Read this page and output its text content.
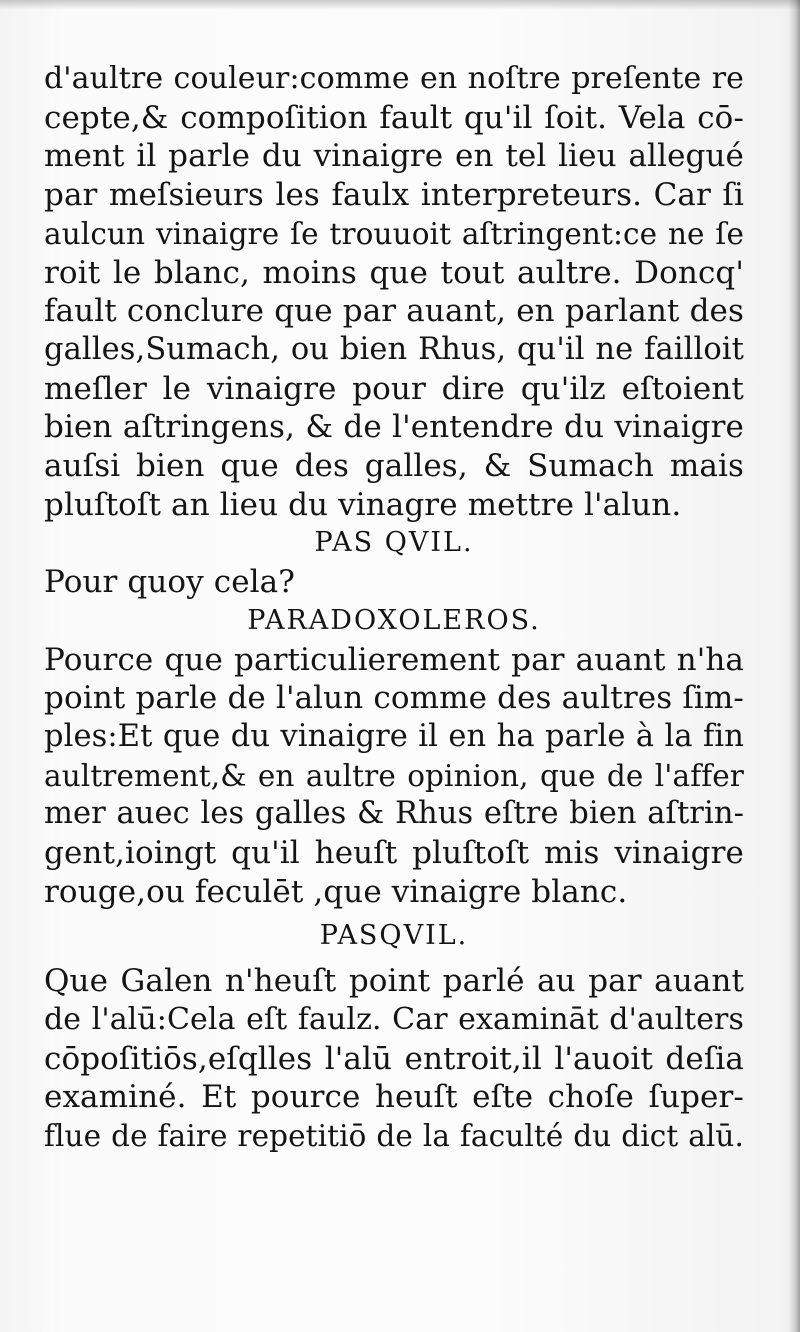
d'aultre couleur:comme en noſtre preſente re
cepte,& compoſition fault qu'il ſoit. Vela cō-
ment il parle du vinaigre en tel lieu allegué
par meſsieurs les faulx interpreteurs. Car ſi
aulcun vinaigre ſe trouuoit aſtringent:ce ne ſe
roit le blanc, moins que tout aultre. Doncq'
fault conclure que par auant, en parlant des
galles,Sumach, ou bien Rhus, qu'il ne failloit
meſler le vinaigre pour dire qu'ilz eſtoient
bien aſtringens, & de l'entendre du vinaigre
auſsi bien que des galles, & Sumach mais
pluſtoſt an lieu du vinagre mettre l'alun.
PAS QVIL.
Pour quoy cela?
PARADOXOLEROS.
Pource que particulierement par auant n'ha
point parle de l'alun comme des aultres ſim-
ples:Et que du vinaigre il en ha parle à la fin
aultrement,& en aultre opinion, que de l'affer
mer auec les galles & Rhus eſtre bien aſtrin-
gent,ioingt qu'il heuſt pluſtoſt mis vinaigre
rouge,ou feculēt ,que vinaigre blanc.
PASQVIL.
Que Galen n'heuſt point parlé au par auant
de l'alū:Cela eſt faulz. Car examināt d'aulters
cōpoſitiōs,eſqlles l'alū entroit,il l'auoit deſia
examiné. Et pource heuſt eſte choſe ſuper-
flue de faire repetitiō de la faculté du dict alū.
